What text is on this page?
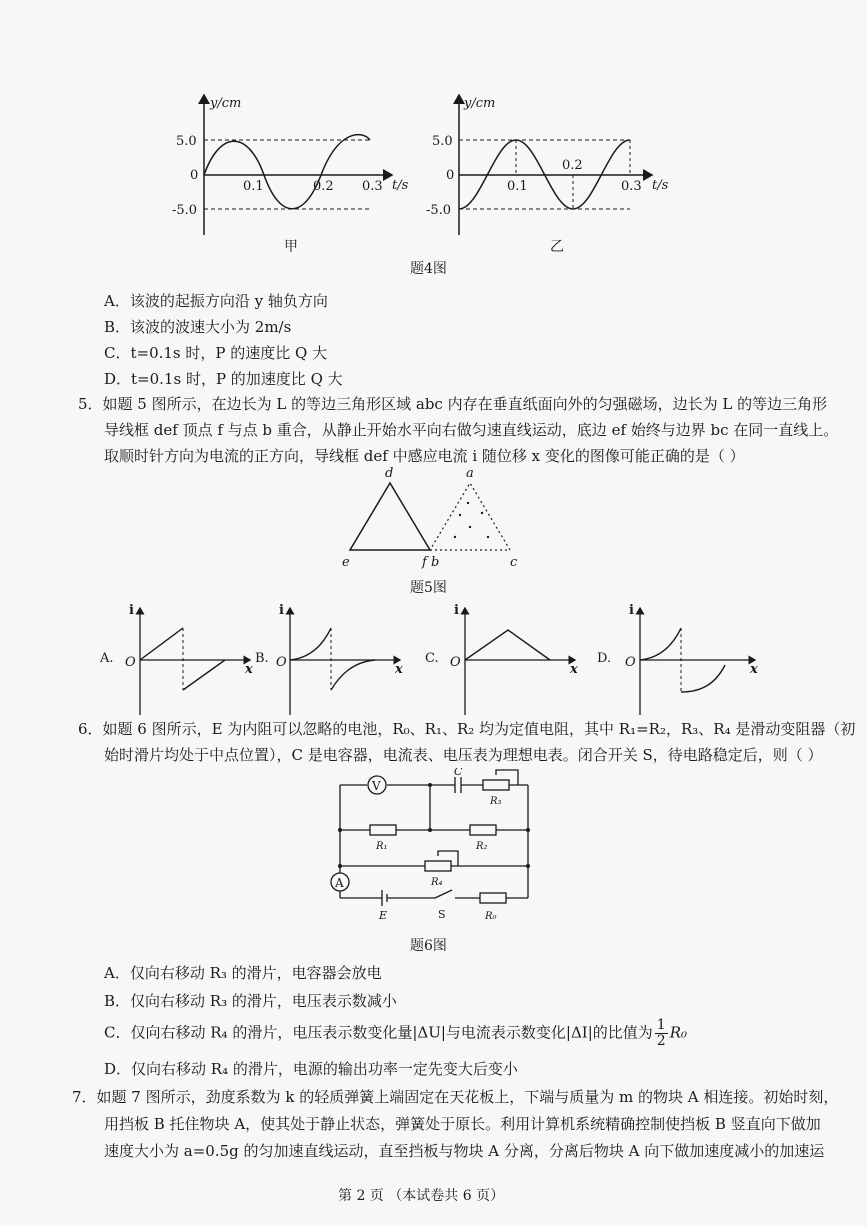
y/cm
5.0
0
-5.0
0.1	0.2 0.3 t/s
甲
y/cm
5.0
0
-5.0
0.1
0.2
0.3 t/s
乙
题4图
A．该波的起振方向沿 y 轴负方向
B．该波的波速大小为 2m/s
C．t=0.1s 时，P 的速度比 Q 大
D．t=0.1s 时，P 的加速度比 Q 大
5．如题 5 图所示，在边长为 L 的等边三角形区域 abc 内存在垂直纸面向外的匀强磁场，边长为 L 的等边三角形
导线框 def 顶点 f 与点 b 重合，从静止开始水平向右做匀速直线运动，底边 ef 始终与边界 bc 在同一直线上。
取顺时针方向为电流的正方向，导线框 def 中感应电流 i 随位移 x 变化的图像可能正确的是（ ）
d	a
e	f b	c
题5图
A.
i
O	x
B.
i
O	x
C.
i
O	x
D.
i
O	x
6．如题 6 图所示，E 为内阻可以忽略的电池，R₀、R₁、R₂ 均为定值电阻，其中 R₁=R₂，R₃、R₄ 是滑动变阻器（初
始时滑片均处于中点位置），C 是电容器，电流表、电压表为理想电表。闭合开关 S，待电路稳定后，则（ ）
V
A
C
R₃
R₁	R₂
R₄
E	S	R₀
题6图
A．仅向右移动 R₃ 的滑片，电容器会放电
B．仅向右移动 R₃ 的滑片，电压表示数减小
C．仅向右移动 R₄ 的滑片，电压表示数变化量|ΔU|与电流表示数变化|ΔI|的比值为 $\frac{1}{2} R_0$
D．仅向右移动 R₄ 的滑片，电源的输出功率一定先变大后变小
7．如题 7 图所示，劲度系数为 k 的轻质弹簧上端固定在天花板上，下端与质量为 m 的物块 A 相连接。初始时刻，
用挡板 B 托住物块 A，使其处于静止状态，弹簧处于原长。利用计算机系统精确控制使挡板 B 竖直向下做加
速度大小为 a=0.5g 的匀加速直线运动，直至挡板与物块 A 分离，分离后物块 A 向下做加速度减小的加速运
第 2 页 （本试卷共 6 页）
